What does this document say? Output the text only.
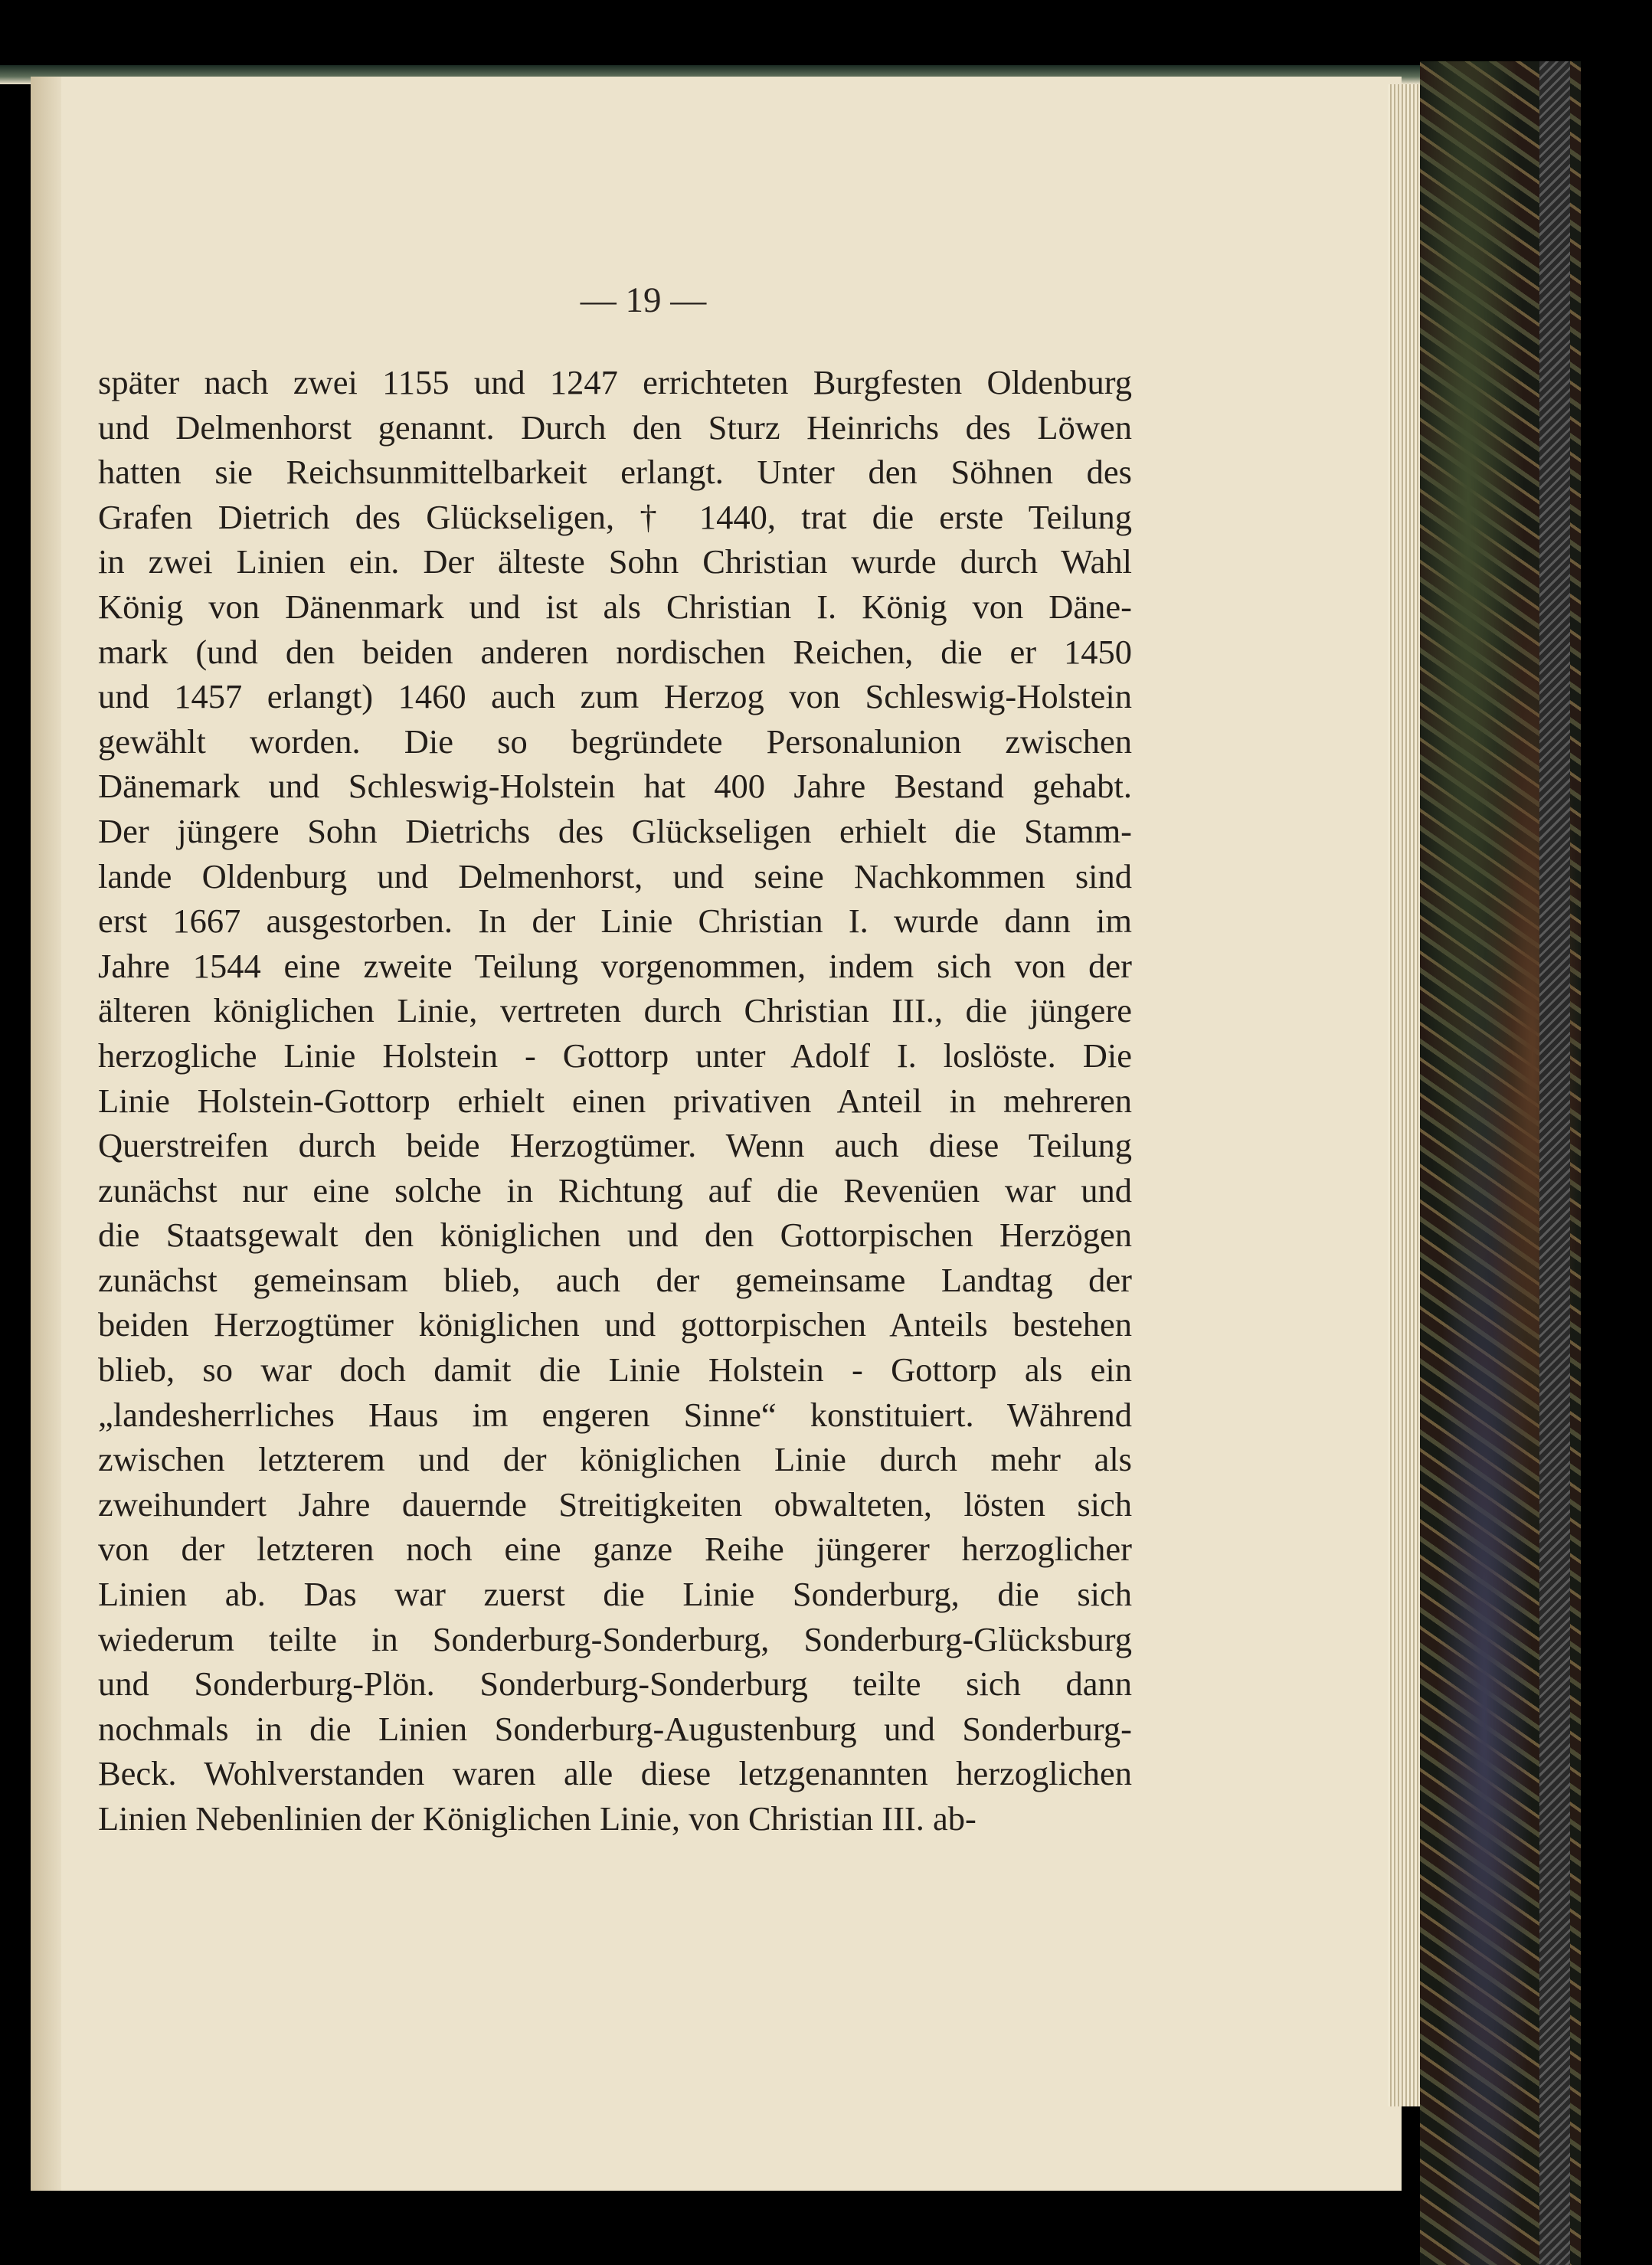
— 19 —
später nach zwei 1155 und 1247 errichteten Burgfesten Oldenburg
und Delmenhorst genannt. Durch den Sturz Heinrichs des Löwen
hatten sie Reichsunmittelbarkeit erlangt. Unter den Söhnen des
Grafen Dietrich des Glückseligen, † 1440, trat die erste Teilung
in zwei Linien ein. Der älteste Sohn Christian wurde durch Wahl
König von Dänenmark und ist als Christian I. König von Däne-
mark (und den beiden anderen nordischen Reichen, die er 1450
und 1457 erlangt) 1460 auch zum Herzog von Schleswig-Holstein
gewählt worden. Die so begründete Personalunion zwischen
Dänemark und Schleswig-Holstein hat 400 Jahre Bestand gehabt.
Der jüngere Sohn Dietrichs des Glückseligen erhielt die Stamm-
lande Oldenburg und Delmenhorst, und seine Nachkommen sind
erst 1667 ausgestorben. In der Linie Christian I. wurde dann im
Jahre 1544 eine zweite Teilung vorgenommen, indem sich von der
älteren königlichen Linie, vertreten durch Christian III., die jüngere
herzogliche Linie Holstein - Gottorp unter Adolf I. loslöste. Die
Linie Holstein-Gottorp erhielt einen privativen Anteil in mehreren
Querstreifen durch beide Herzogtümer. Wenn auch diese Teilung
zunächst nur eine solche in Richtung auf die Revenüen war und
die Staatsgewalt den königlichen und den Gottorpischen Herzögen
zunächst gemeinsam blieb, auch der gemeinsame Landtag der
beiden Herzogtümer königlichen und gottorpischen Anteils bestehen
blieb, so war doch damit die Linie Holstein - Gottorp als ein
„landesherrliches Haus im engeren Sinne“ konstituiert. Während
zwischen letzterem und der königlichen Linie durch mehr als
zweihundert Jahre dauernde Streitigkeiten obwalteten, lösten sich
von der letzteren noch eine ganze Reihe jüngerer herzoglicher
Linien ab. Das war zuerst die Linie Sonderburg, die sich
wiederum teilte in Sonderburg-Sonderburg, Sonderburg-Glücksburg
und Sonderburg-Plön. Sonderburg-Sonderburg teilte sich dann
nochmals in die Linien Sonderburg-Augustenburg und Sonderburg-
Beck. Wohlverstanden waren alle diese letzgenannten herzoglichen
Linien Nebenlinien der Königlichen Linie, von Christian III. ab-
